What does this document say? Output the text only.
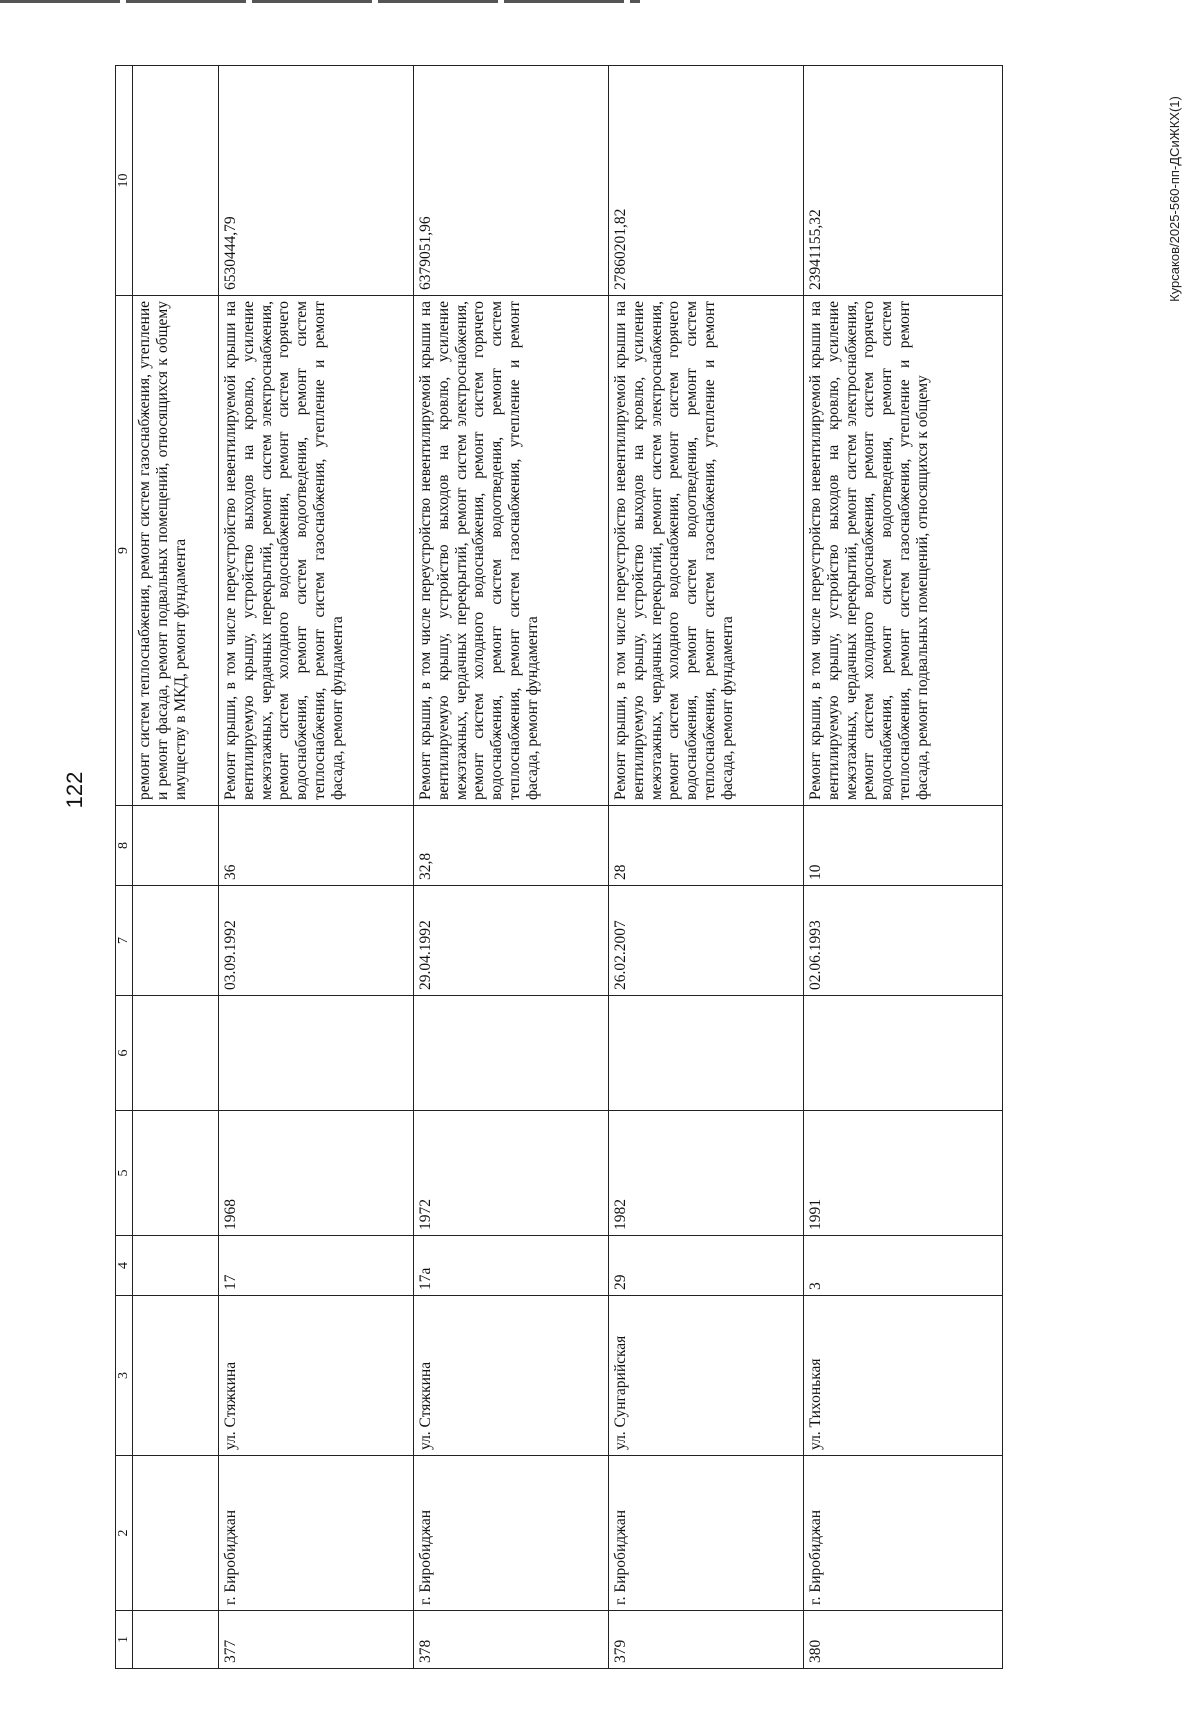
122
Курсаков/2025-560-пп-ДСиЖКХ(1)
1	2	3	4	5	6	7	8	9	10
								ремонт систем теплоснабжения, ремонт систем газоснабжения, утепление и ремонт фасада, ремонт подвальных помещений, относящихся к общему имуществу в МКД, ремонт фундамента	
377	г. Биробиджан	ул. Стяжкина	17	1968		03.09.1992	36	Ремонт крыши, в том числе переустройство невентилируемой крыши на вентилируемую крышу, устройство выходов на кровлю, усиление межэтажных, чердачных перекрытий, ремонт систем электроснабжения, ремонт систем холодного водоснабжения, ремонт систем горячего водоснабжения, ремонт систем водоотведения, ремонт систем теплоснабжения, ремонт систем газоснабжения, утепление и ремонт фасада, ремонт фундамента	6530444,79
378	г. Биробиджан	ул. Стяжкина	17а	1972		29.04.1992	32,8	Ремонт крыши, в том числе переустройство невентилируемой крыши на вентилируемую крышу, устройство выходов на кровлю, усиление межэтажных, чердачных перекрытий, ремонт систем электроснабжения, ремонт систем холодного водоснабжения, ремонт систем горячего водоснабжения, ремонт систем водоотведения, ремонт систем теплоснабжения, ремонт систем газоснабжения, утепление и ремонт фасада, ремонт фундамента	6379051,96
379	г. Биробиджан	ул. Сунгарийская	29	1982		26.02.2007	28	Ремонт крыши, в том числе переустройство невентилируемой крыши на вентилируемую крышу, устройство выходов на кровлю, усиление межэтажных, чердачных перекрытий, ремонт систем электроснабжения, ремонт систем холодного водоснабжения, ремонт систем горячего водоснабжения, ремонт систем водоотведения, ремонт систем теплоснабжения, ремонт систем газоснабжения, утепление и ремонт фасада, ремонт фундамента	27860201,82
380	г. Биробиджан	ул. Тихонькая	3	1991		02.06.1993	10	Ремонт крыши, в том числе переустройство невентилируемой крыши на вентилируемую крышу, устройство выходов на кровлю, усиление межэтажных, чердачных перекрытий, ремонт систем электроснабжения, ремонт систем холодного водоснабжения, ремонт систем горячего водоснабжения, ремонт систем водоотведения, ремонт систем теплоснабжения, ремонт систем газоснабжения, утепление и ремонт фасада, ремонт подвальных помещений, относящихся к общему	23941155,32
